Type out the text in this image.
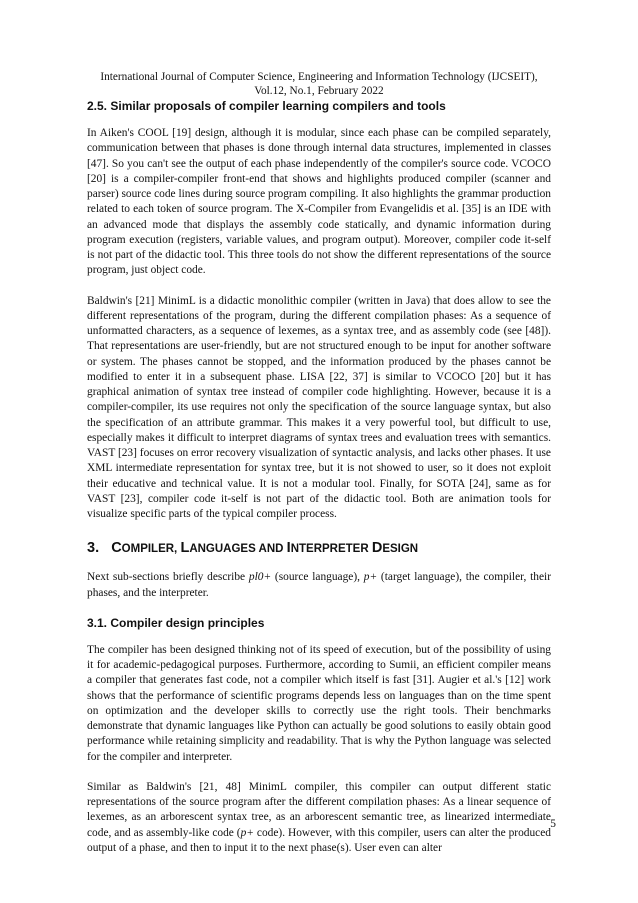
International Journal of Computer Science, Engineering and Information Technology (IJCSEIT),
Vol.12, No.1, February 2022
2.5. Similar proposals of compiler learning compilers and tools

In Aiken's COOL [19] design, although it is modular, since each phase can be compiled separately, communication between that phases is done through internal data structures, implemented in classes [47]. So you can't see the output of each phase independently of the compiler's source code. VCOCO [20] is a compiler-compiler front-end that shows and highlights produced compiler (scanner and parser) source code lines during source program compiling. It also highlights the grammar production related to each token of source program. The X-Compiler from Evangelidis et al. [35] is an IDE with an advanced mode that displays the assembly code statically, and dynamic information during program execution (registers, variable values, and program output). Moreover, compiler code it-self is not part of the didactic tool. This three tools do not show the different representations of the source program, just object code.

Baldwin's [21] MinimL is a didactic monolithic compiler (written in Java) that does allow to see the different representations of the program, during the different compilation phases: As a sequence of unformatted characters, as a sequence of lexemes, as a syntax tree, and as assembly code (see [48]). That representations are user-friendly, but are not structured enough to be input for another software or system. The phases cannot be stopped, and the information produced by the phases cannot be modified to enter it in a subsequent phase. LISA [22, 37] is similar to VCOCO [20] but it has graphical animation of syntax tree instead of compiler code highlighting. However, because it is a compiler-compiler, its use requires not only the specification of the source language syntax, but also the specification of an attribute grammar. This makes it a very powerful tool, but difficult to use, especially makes it difficult to interpret diagrams of syntax trees and evaluation trees with semantics. VAST [23] focuses on error recovery visualization of syntactic analysis, and lacks other phases. It use XML intermediate representation for syntax tree, but it is not showed to user, so it does not exploit their educative and technical value. It is not a modular tool. Finally, for SOTA [24], same as for VAST [23], compiler code it-self is not part of the didactic tool. Both are animation tools for visualize specific parts of the typical compiler process.

3. COMPILER, LANGUAGES AND INTERPRETER DESIGN

Next sub-sections briefly describe pl0+ (source language), p+ (target language), the compiler, their phases, and the interpreter.

3.1. Compiler design principles

The compiler has been designed thinking not of its speed of execution, but of the possibility of using it for academic-pedagogical purposes. Furthermore, according to Sumii, an efficient compiler means a compiler that generates fast code, not a compiler which itself is fast [31]. Augier et al.'s [12] work shows that the performance of scientific programs depends less on languages than on the time spent on optimization and the developer skills to correctly use the right tools. Their benchmarks demonstrate that dynamic languages like Python can actually be good solutions to easily obtain good performance while retaining simplicity and readability. That is why the Python language was selected for the compiler and interpreter.

Similar as Baldwin's [21, 48] MinimL compiler, this compiler can output different static representations of the source program after the different compilation phases: As a linear sequence of lexemes, as an arborescent syntax tree, as an arborescent semantic tree, as linearized intermediate code, and as assembly-like code (p+ code). However, with this compiler, users can alter the produced output of a phase, and then to input it to the next phase(s). User even can alter

5
